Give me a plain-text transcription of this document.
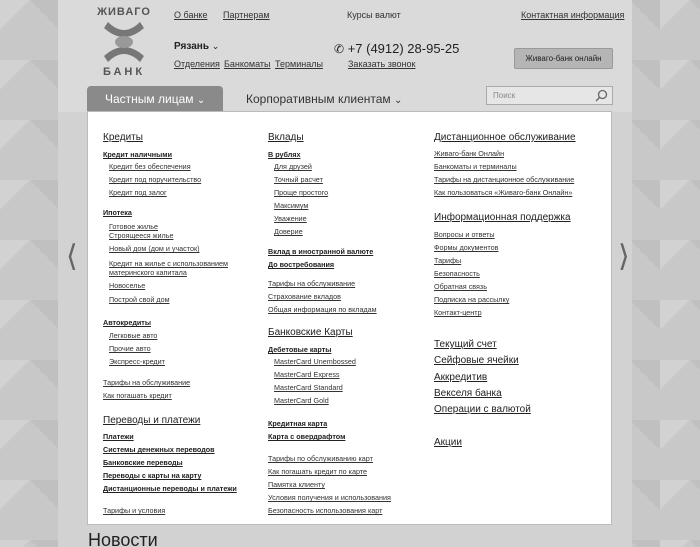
ЖИВАГО
БАНК
О банке Партнерам	Курсы валют	Контактная информация
Рязань ⌄
Отделения Банкоматы Терминалы
✆ +7 (4912) 28-95-25
Заказать звонок
Живаго-банк онлайн
Частным лицам ⌄	Корпоративным клиентам ⌄	Поиск
⟨	⟩
Новости
Кредиты
Кредит наличными
Кредит без обеспечения
Кредит под поручительство
Кредит под залог
Ипотека
Готовое жилье
Строящееся жилье
Новый дом (дом и участок)
Кредит на жилье с использованием
материнского капитала
Новоселье
Построй свой дом
Автокредиты
Легковые авто
Прочие авто
Экспресс-кредит
Тарифы на обслуживание
Как погашать кредит
Переводы и платежи
Платежи
Системы денежных переводов
Банковские переводы
Переводы с карты на карту
Дистанционные переводы и платежи
Тарифы и условия
Вклады
В рублях
Для друзей
Точный расчет
Проще простого
Максимум
Уважение
Доверие
Вклад в иностранной валюте
До востребования
Тарифы на обслуживание
Страхование вкладов
Общая информация по вкладам
Банковские Карты
Дебетовые карты
MasterCard Unembossed
MasterCard Express
MasterCard Standard
MasterCard Gold
Кредитная карта
Карта с овердрафтом
Тарифы по обслуживанию карт
Как погашать кредит по карте
Памятка клиенту
Условия получения и использования
Безопасность использования карт
Дистанционное обслуживание
Живаго-банк Онлайн
Банкоматы и терминалы
Тарифы на дистанционное обслуживание
Как пользоваться «Живаго-банк Онлайн»
Информационная поддержка
Вопросы и ответы
Формы документов
Тарифы
Безопасность
Обратная связь
Подписка на рассылку
Контакт-центр
Текущий счет
Сейфовые ячейки
Аккредитив
Векселя банка
Операции с валютой
Акции
